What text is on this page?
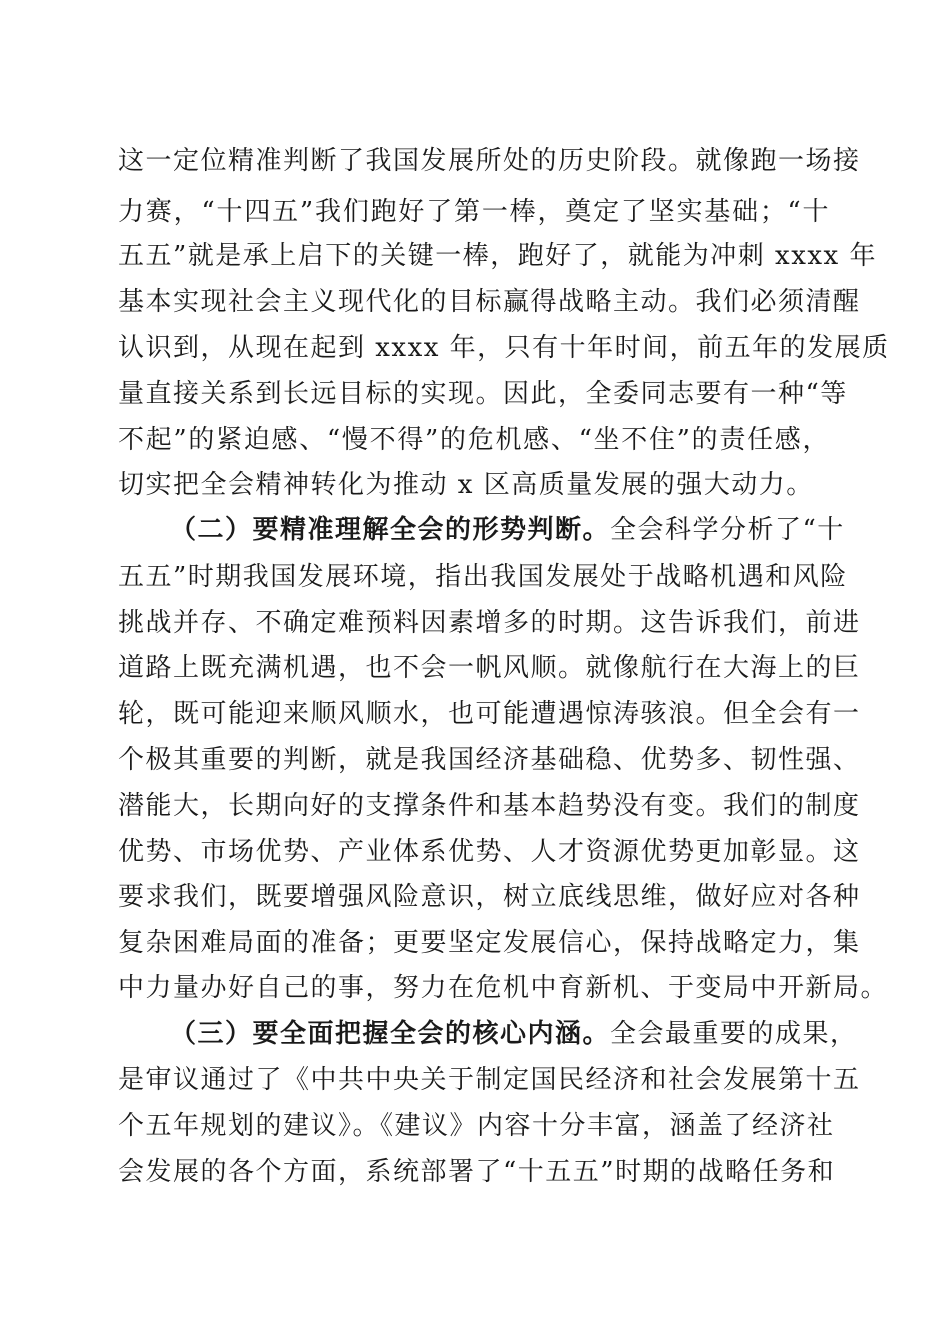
这一定位精准判断了我国发展所处的历史阶段。就像跑一场接
力赛，“十四五”我们跑好了第一棒，奠定了坚实基础；“十
五五”就是承上启下的关键一棒，跑好了，就能为冲刺 xxxx 年
基本实现社会主义现代化的目标赢得战略主动。我们必须清醒
认识到，从现在起到 xxxx 年，只有十年时间，前五年的发展质
量直接关系到长远目标的实现。因此，全委同志要有一种“等
不起”的紧迫感、“慢不得”的危机感、“坐不住”的责任感，
切实把全会精神转化为推动 x 区高质量发展的强大动力。
（二）要精准理解全会的形势判断。全会科学分析了“十
五五”时期我国发展环境，指出我国发展处于战略机遇和风险
挑战并存、不确定难预料因素增多的时期。这告诉我们，前进
道路上既充满机遇，也不会一帆风顺。就像航行在大海上的巨
轮，既可能迎来顺风顺水，也可能遭遇惊涛骇浪。但全会有一
个极其重要的判断，就是我国经济基础稳、优势多、韧性强、
潜能大，长期向好的支撑条件和基本趋势没有变。我们的制度
优势、市场优势、产业体系优势、人才资源优势更加彰显。这
要求我们，既要增强风险意识，树立底线思维，做好应对各种
复杂困难局面的准备；更要坚定发展信心，保持战略定力，集
中力量办好自己的事，努力在危机中育新机、于变局中开新局。
（三）要全面把握全会的核心内涵。全会最重要的成果，
是审议通过了《中共中央关于制定国民经济和社会发展第十五
个五年规划的建议》。《建议》内容十分丰富，涵盖了经济社
会发展的各个方面，系统部署了“十五五”时期的战略任务和
